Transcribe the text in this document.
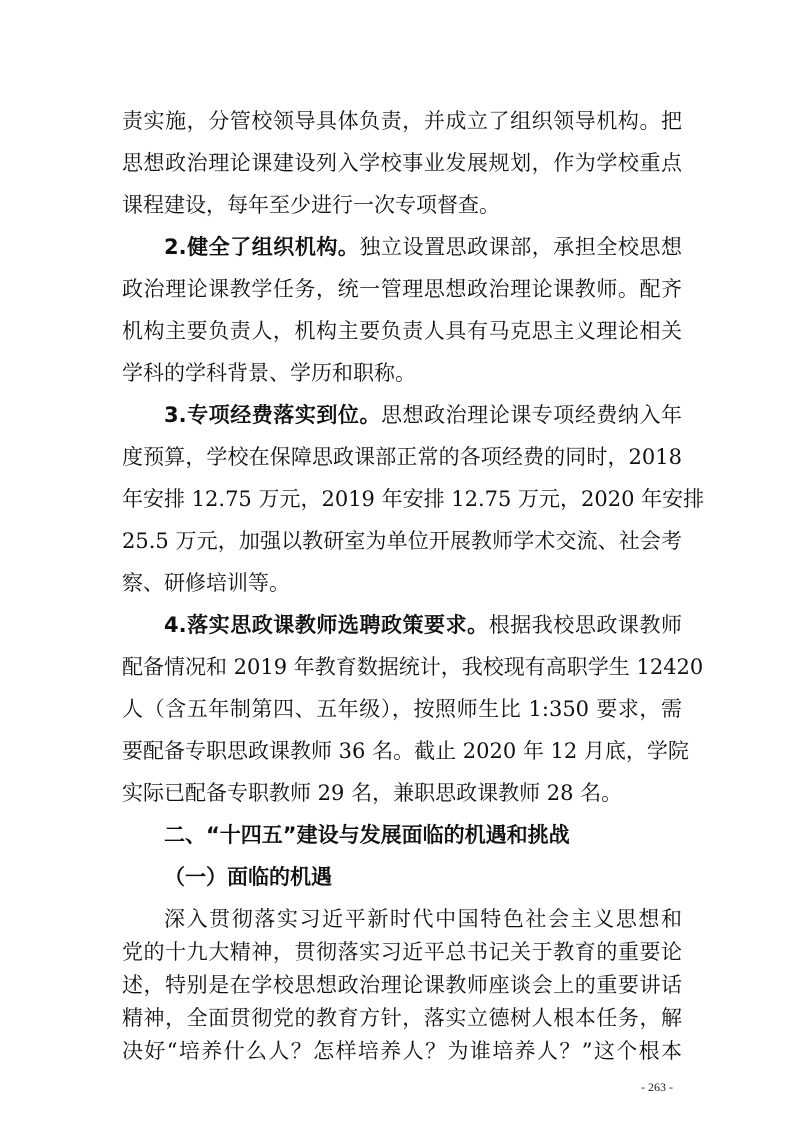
责实施，分管校领导具体负责，并成立了组织领导机构。把
思想政治理论课建设列入学校事业发展规划，作为学校重点
课程建设，每年至少进行一次专项督查。
2.健全了组织机构。独立设置思政课部，承担全校思想
政治理论课教学任务，统一管理思想政治理论课教师。配齐
机构主要负责人，机构主要负责人具有马克思主义理论相关
学科的学科背景、学历和职称。
3.专项经费落实到位。思想政治理论课专项经费纳入年
度预算，学校在保障思政课部正常的各项经费的同时，2018
年安排 12.75 万元，2019 年安排 12.75 万元，2020 年安排
25.5 万元，加强以教研室为单位开展教师学术交流、社会考
察、研修培训等。
4.落实思政课教师选聘政策要求。根据我校思政课教师
配备情况和 2019 年教育数据统计，我校现有高职学生 12420
人（含五年制第四、五年级），按照师生比 1:350 要求，需
要配备专职思政课教师 36 名。截止 2020 年 12 月底，学院
实际已配备专职教师 29 名，兼职思政课教师 28 名。
二、“十四五”建设与发展面临的机遇和挑战
（一）面临的机遇
深入贯彻落实习近平新时代中国特色社会主义思想和
党的十九大精神，贯彻落实习近平总书记关于教育的重要论
述，特别是在学校思想政治理论课教师座谈会上的重要讲话
精神，全面贯彻党的教育方针，落实立德树人根本任务，解
- 263 -
决好“培养什么人？怎样培养人？为谁培养人？”这个根本
